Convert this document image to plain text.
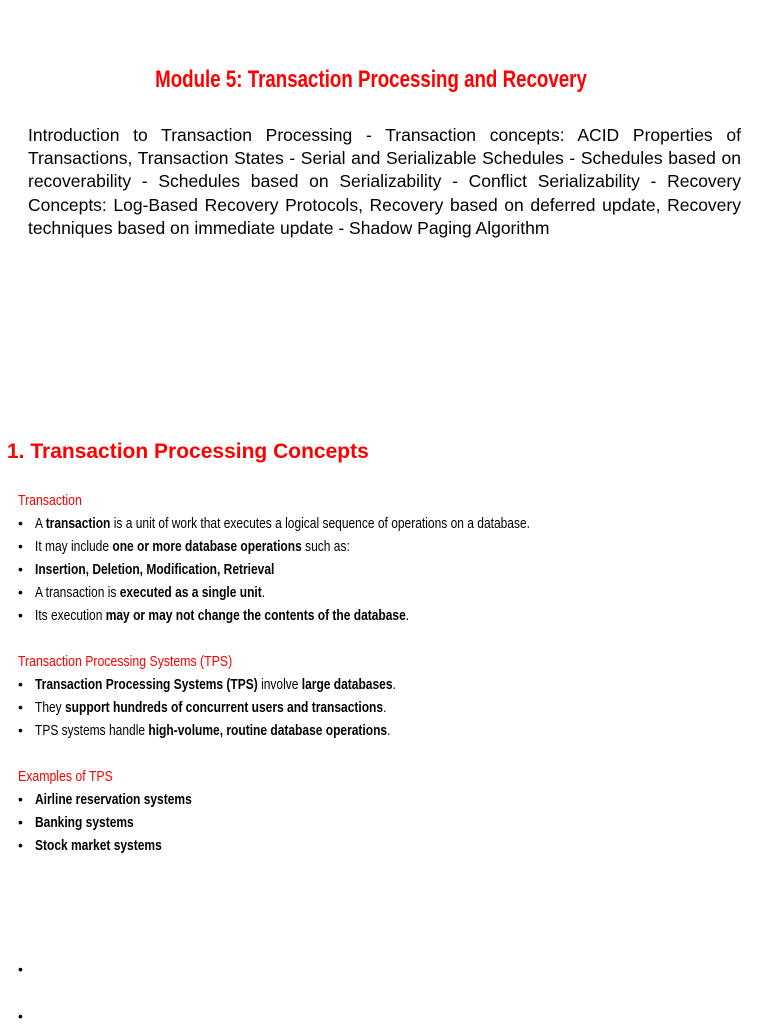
Module 5: Transaction Processing and Recovery

Introduction to Transaction Processing - Transaction concepts: ACID Properties of Transactions, Transaction States - Serial and Serializable Schedules - Schedules based on recoverability - Schedules based on Serializability - Conflict Serializability - Recovery Concepts: Log-Based Recovery Protocols, Recovery based on deferred update, Recovery techniques based on immediate update - Shadow Paging Algorithm

1. Transaction Processing Concepts
Transaction
• A transaction is a unit of work that executes a logical sequence of operations on a database.
• It may include one or more database operations such as:
• Insertion, Deletion, Modification, Retrieval
• A transaction is executed as a single unit.
• Its execution may or may not change the contents of the database.
Transaction Processing Systems (TPS)
• Transaction Processing Systems (TPS) involve large databases.
• They support hundreds of concurrent users and transactions.
• TPS systems handle high-volume, routine database operations.
Examples of TPS
• Airline reservation systems
• Banking systems
• Stock market systems
•
•
